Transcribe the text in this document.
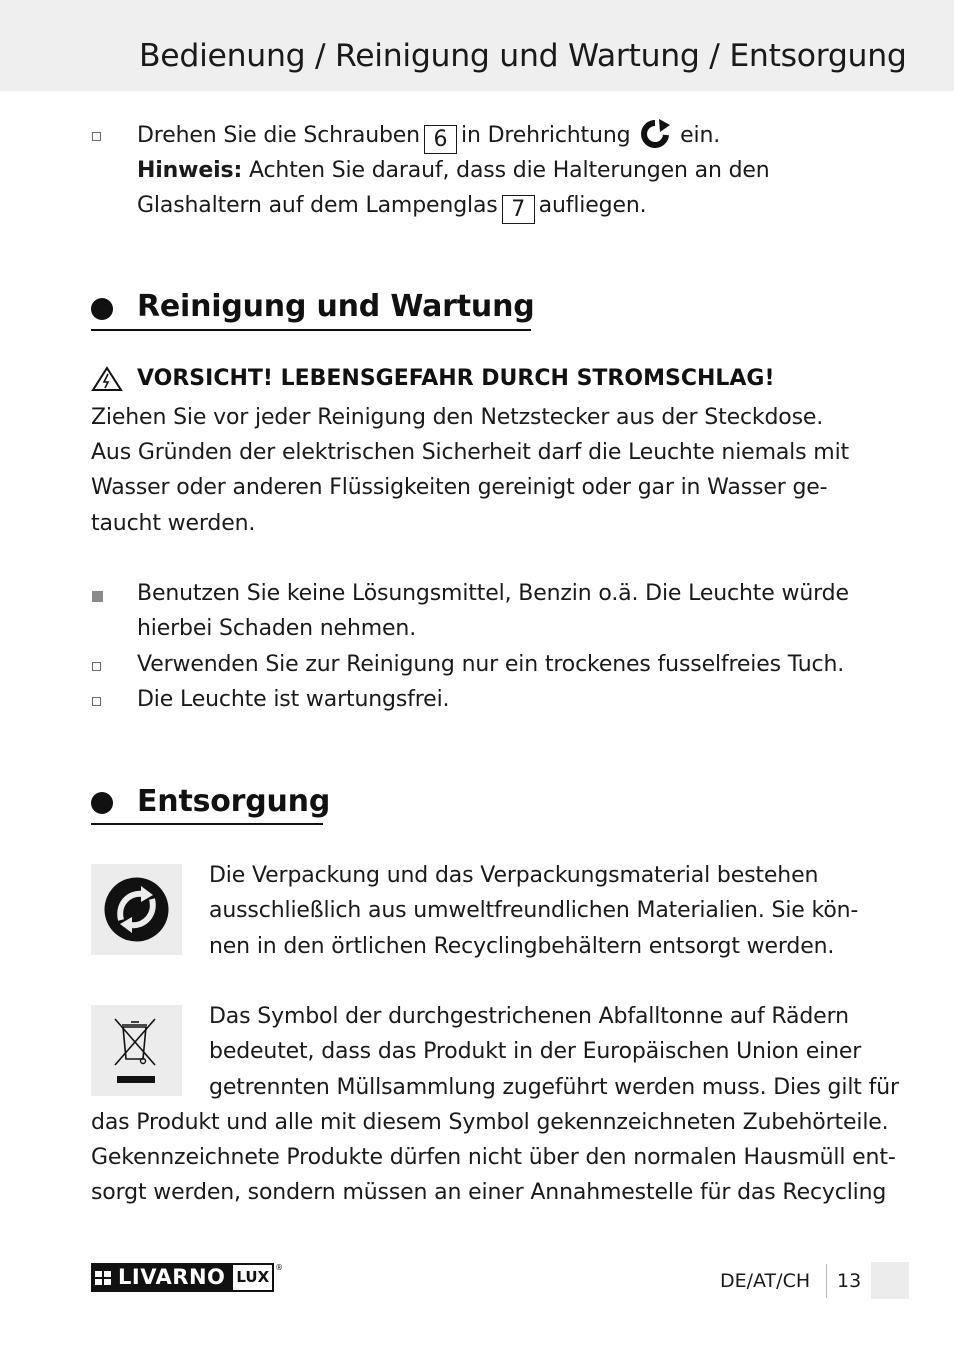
Bedienung / Reinigung und Wartung / Entsorgung
Drehen Sie die Schrauben 6 in Drehrichtung ein.
Hinweis: Achten Sie darauf, dass die Halterungen an den
Glashaltern auf dem Lampenglas 7 aufliegen.
Reinigung und Wartung
VORSICHT! LEBENSGEFAHR DURCH STROMSCHLAG!
Ziehen Sie vor jeder Reinigung den Netzstecker aus der Steckdose.
Aus Gründen der elektrischen Sicherheit darf die Leuchte niemals mit
Wasser oder anderen Flüssigkeiten gereinigt oder gar in Wasser ge-
taucht werden.
Benutzen Sie keine Lösungsmittel, Benzin o.ä. Die Leuchte würde
hierbei Schaden nehmen.
Verwenden Sie zur Reinigung nur ein trockenes fusselfreies Tuch.
Die Leuchte ist wartungsfrei.
Entsorgung
Die Verpackung und das Verpackungsmaterial bestehen
ausschließlich aus umweltfreundlichen Materialien. Sie kön-
nen in den örtlichen Recyclingbehältern entsorgt werden.
Das Symbol der durchgestrichenen Abfalltonne auf Rädern
bedeutet, dass das Produkt in der Europäischen Union einer
getrennten Müllsammlung zugeführt werden muss. Dies gilt für
das Produkt und alle mit diesem Symbol gekennzeichneten Zubehörteile.
Gekennzeichnete Produkte dürfen nicht über den normalen Hausmüll ent-
sorgt werden, sondern müssen an einer Annahmestelle für das Recycling
LIVARNO LUX
®
DE/AT/CH 13
